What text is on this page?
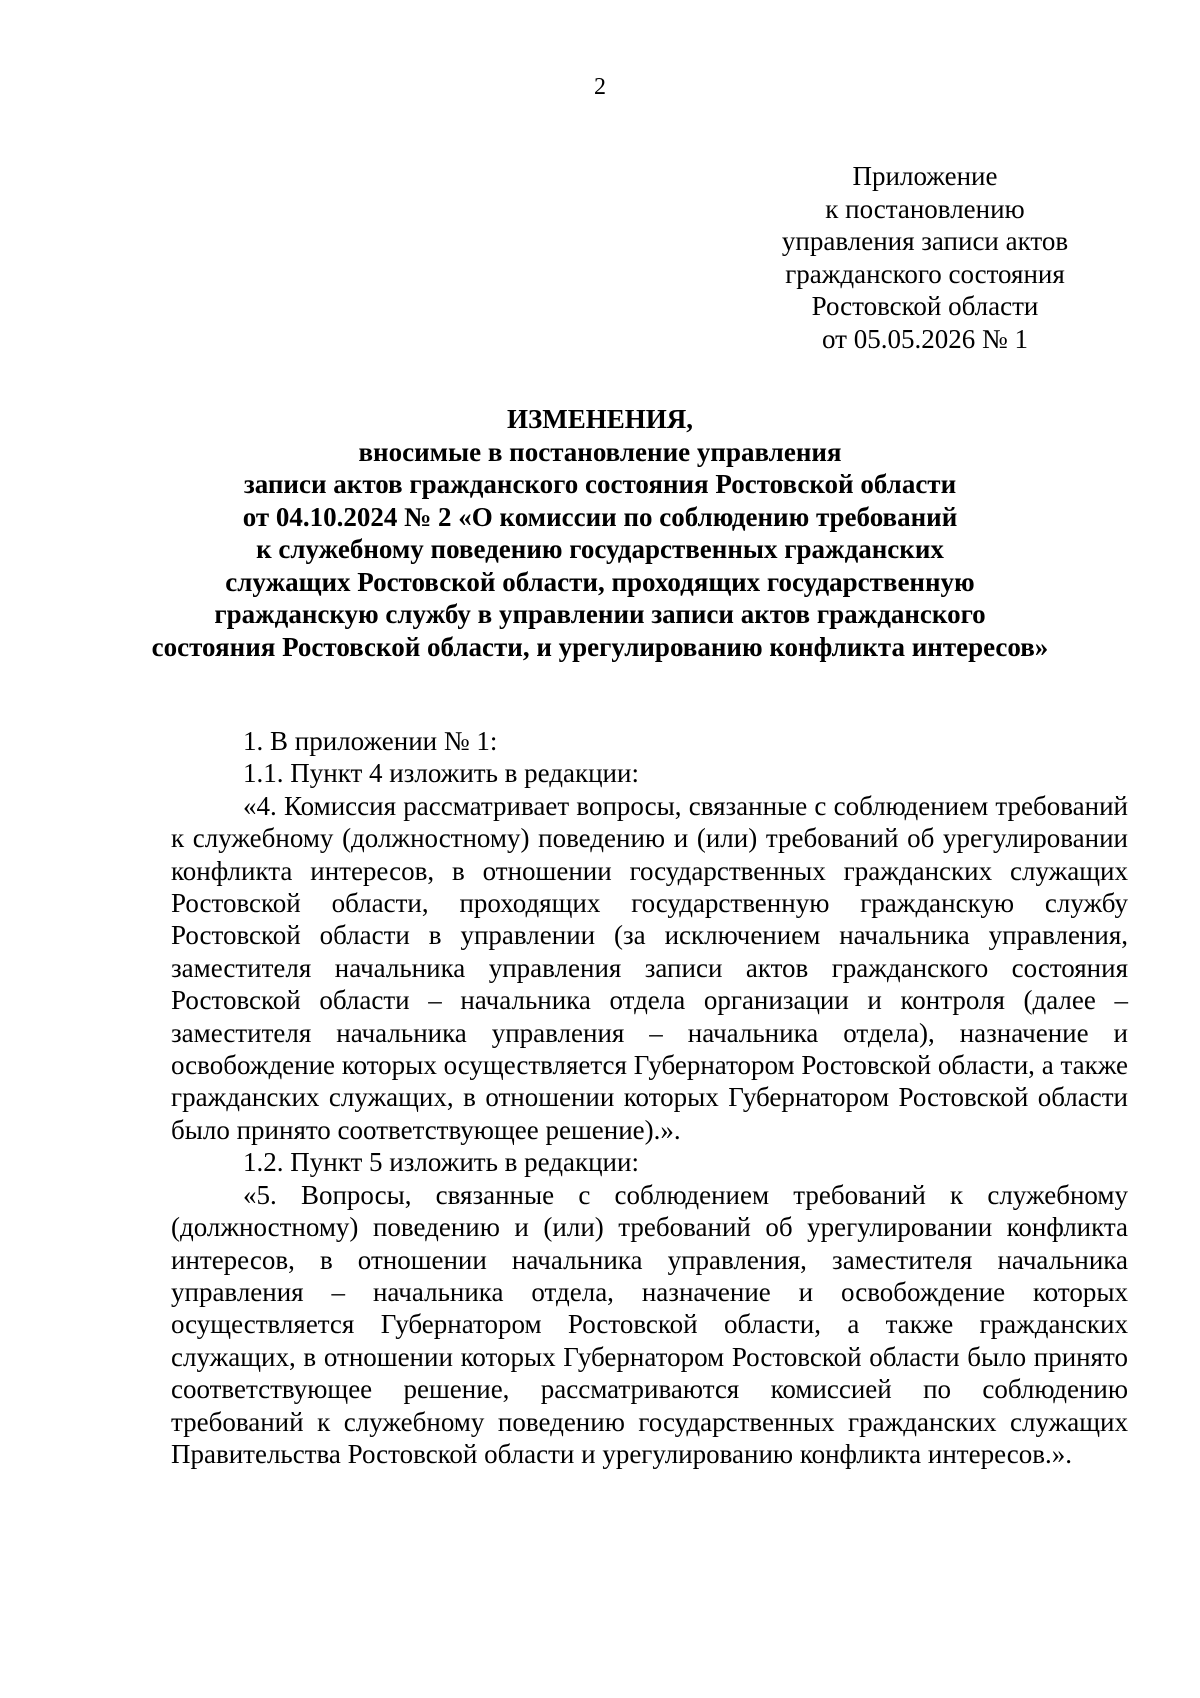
2
Приложение
к постановлению
управления записи актов
гражданского состояния
Ростовской области
от 05.05.2026 № 1
ИЗМЕНЕНИЯ,
вносимые в постановление управления
записи актов гражданского состояния Ростовской области
от 04.10.2024 № 2 «О комиссии по соблюдению требований
к служебному поведению государственных гражданских
служащих Ростовской области, проходящих государственную
гражданскую службу в управлении записи актов гражданского
состояния Ростовской области, и урегулированию конфликта интересов»

1. В приложении № 1:

1.1. Пункт 4 изложить в редакции:

«4. Комиссия рассматривает вопросы, связанные с соблюдением требований к служебному (должностному) поведению и (или) требований об урегулировании конфликта интересов, в отношении государственных гражданских служащих Ростовской области, проходящих государственную гражданскую службу Ростовской области в управлении (за исключением начальника управления, заместителя начальника управления записи актов гражданского состояния Ростовской области – начальника отдела организации и контроля (далее – заместителя начальника управления – начальника отдела), назначение и освобождение которых осуществляется Губернатором Ростовской области, а также гражданских служащих, в отношении которых Губернатором Ростовской области было принято соответствующее решение).».

1.2. Пункт 5 изложить в редакции:

«5. Вопросы, связанные с соблюдением требований к служебному (должностному) поведению и (или) требований об урегулировании конфликта интересов, в отношении начальника управления, заместителя начальника управления – начальника отдела, назначение и освобождение которых осуществляется Губернатором Ростовской области, а также гражданских служащих, в отношении которых Губернатором Ростовской области было принято соответствующее решение, рассматриваются комиссией по соблюдению требований к служебному поведению государственных гражданских служащих Правительства Ростовской области и урегулированию конфликта интересов.».
